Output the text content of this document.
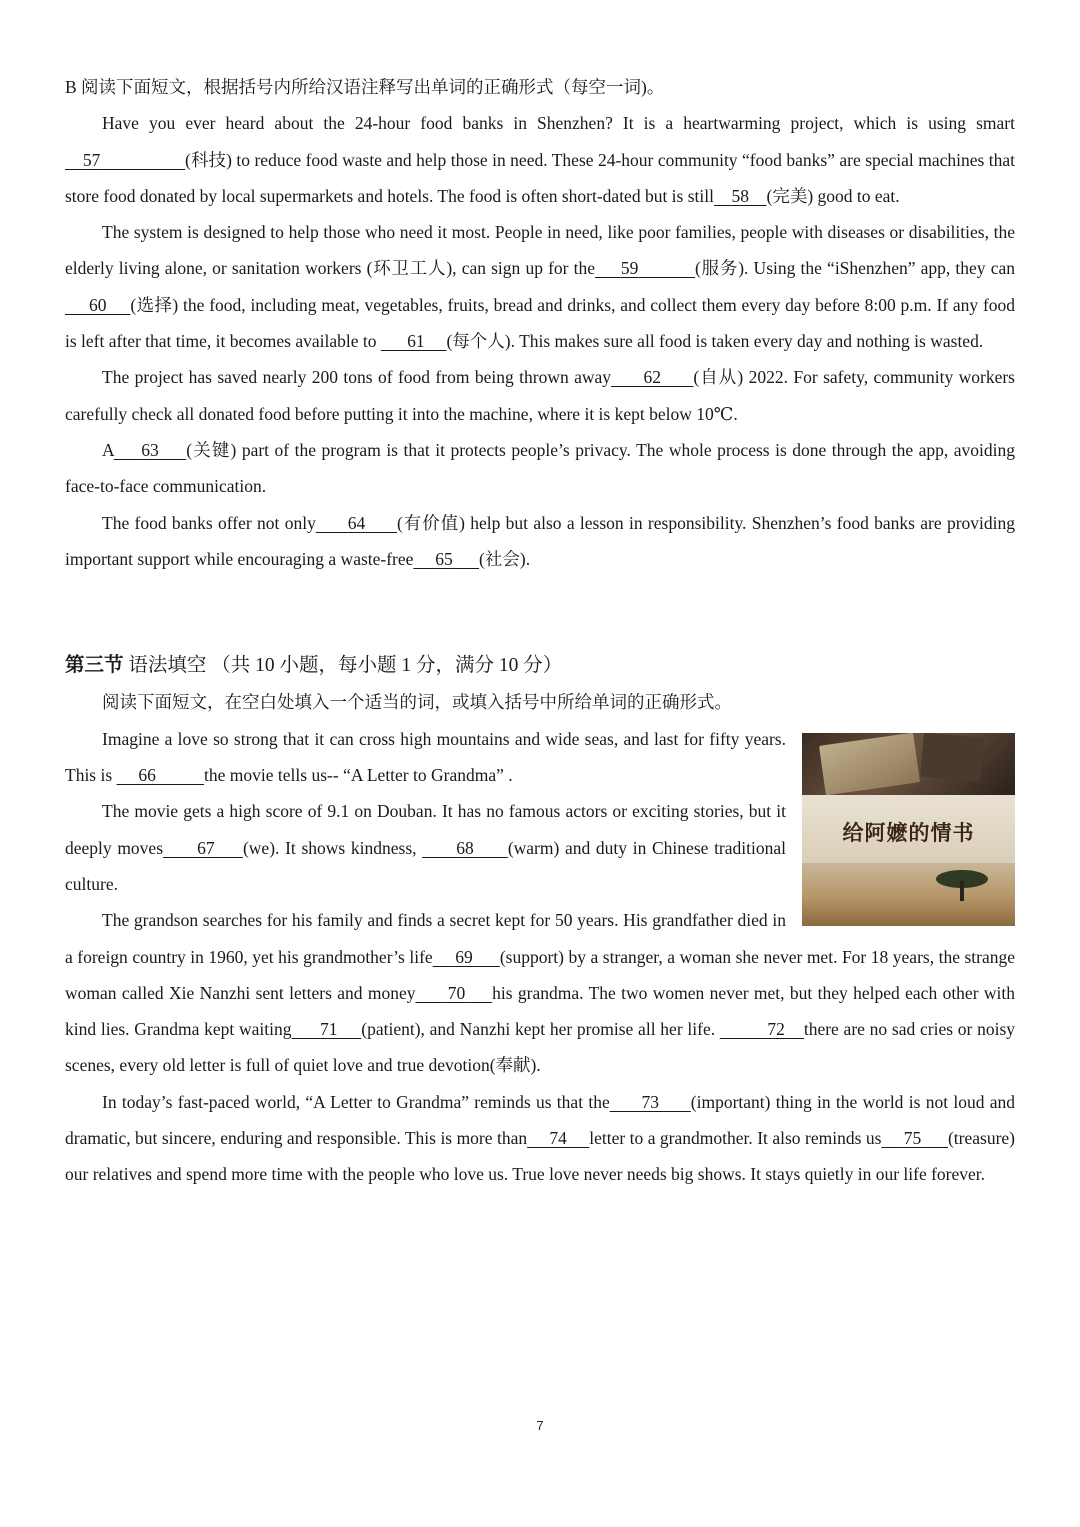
B 阅读下面短文，根据括号内所给汉语注释写出单词的正确形式（每空一词)。

Have you ever heard about the 24-hour food banks in Shenzhen? It is a heartwarming project, which is using smart     57	(科技) to reduce food waste and help those in need. These 24-hour community “food banks” are special machines that store food donated by local supermarkets and hotels. The food is often short-dated but is still 58 (完美) good to eat.

The system is designed to help those who need it most. People in need, like poor families, people with diseases or disabilities, the elderly living alone, or sanitation workers (环卫工人), can sign up for the 59	(服务). Using the “iShenzhen” app, they can     60 (选择) the food, including meat, vegetables, fruits, bread and drinks, and collect them every day before 8:00 p.m. If any food is left after that time, it becomes available to       61 (每个人). This makes sure all food is taken every day and nothing is wasted.

The project has saved nearly 200 tons of food from being thrown away 62 (自从) 2022. For safety, community workers carefully check all donated food before putting it into the machine, where it is kept below 10℃.

A 63 (关键) part of the program is that it protects people’s privacy. The whole process is done through the app, avoiding face-to-face communication.

The food banks offer not only 64 (有价值) help but also a lesson in responsibility. Shenzhen’s food banks are providing important support while encouraging a waste-free 65 (社会).

第三节 语法填空 （共 10 小题，每小题 1 分，满分 10 分）

阅读下面短文，在空白处填入一个适当的词，或填入括号中所给单词的正确形式。

给阿嬷的情书

Imagine a love so strong that it can cross high mountains and wide seas, and last for fifty years. This is      66	the movie tells us-- “A Letter to Grandma” .

The movie gets a high score of 9.1 on Douban. It has no famous actors or exciting stories, but it deeply moves 67 (we). It shows kindness,       68 (warm) and duty in Chinese traditional culture.

The grandson searches for his family and finds a secret kept for 50 years. His grandfather died in a foreign country in 1960, yet his grandmother’s life 69 (support) by a stranger, a woman she never met. For 18 years, the strange woman called Xie Nanzhi sent letters and money 70 his grandma. The two women never met, but they helped each other with kind lies. Grandma kept waiting 71 (patient), and Nanzhi kept her promise all her life.	72 there are no sad cries or noisy scenes, every old letter is full of quiet love and true devotion(奉献).

In today’s fast-paced world, “A Letter to Grandma” reminds us that the 73 (important) thing in the world is not loud and dramatic, but sincere, enduring and responsible. This is more than 74 letter to a grandmother. It also reminds us 75 (treasure) our relatives and spend more time with the people who love us. True love never needs big shows. It stays quietly in our life forever.

7
